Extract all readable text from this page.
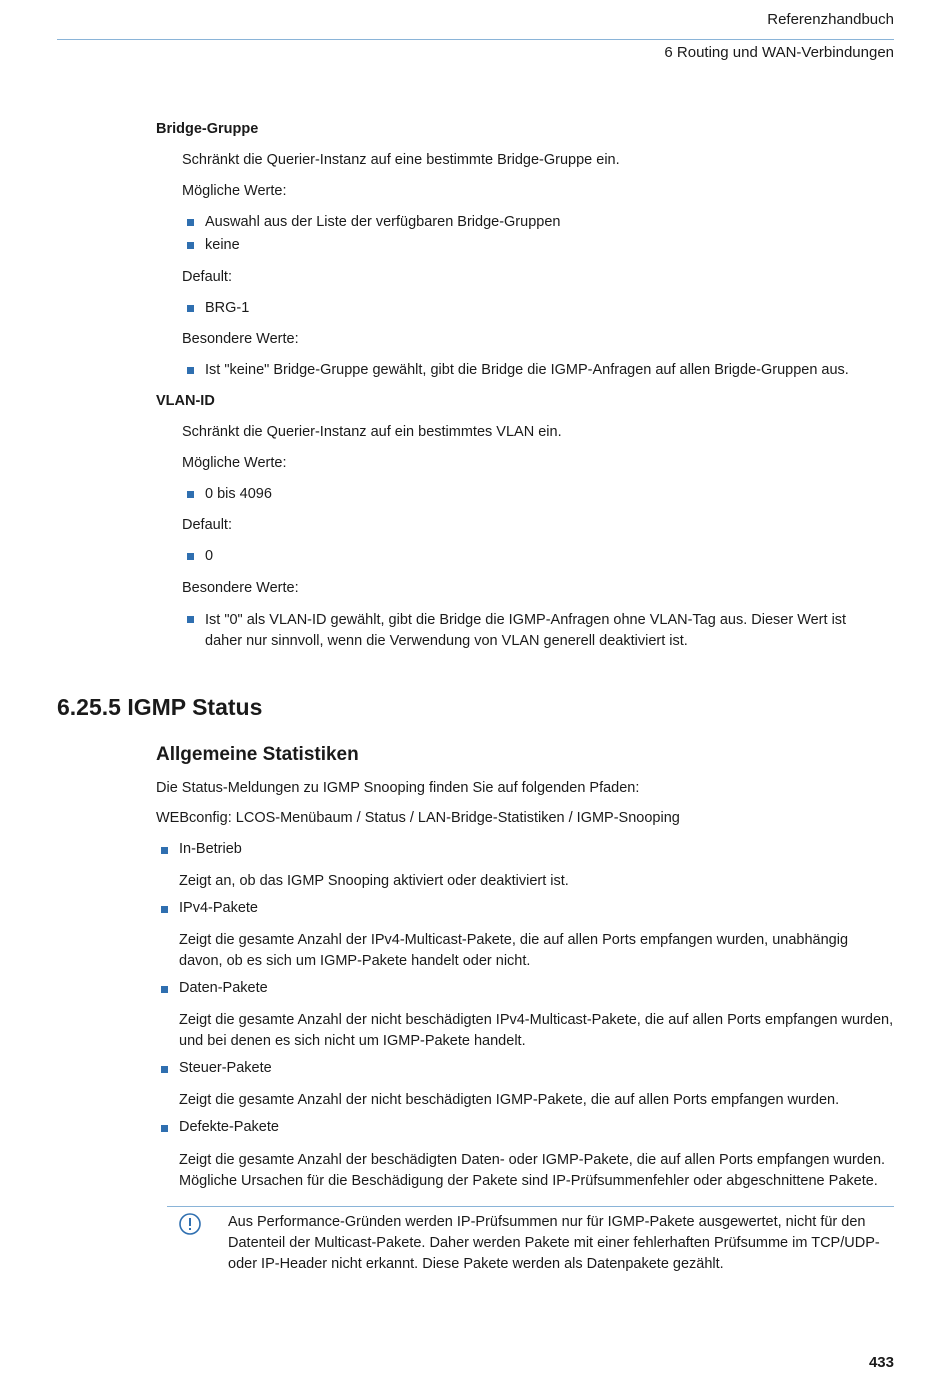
Referenzhandbuch
6 Routing und WAN-Verbindungen
Bridge-Gruppe
Schränkt die Querier-Instanz auf eine bestimmte Bridge-Gruppe ein.
Mögliche Werte:
Auswahl aus der Liste der verfügbaren Bridge-Gruppen
keine
Default:
BRG-1
Besondere Werte:
Ist "keine" Bridge-Gruppe gewählt, gibt die Bridge die IGMP-Anfragen auf allen Brigde-Gruppen aus.
VLAN-ID
Schränkt die Querier-Instanz auf ein bestimmtes VLAN ein.
Mögliche Werte:
0 bis 4096
Default:
0
Besondere Werte:
Ist "0" als VLAN-ID gewählt, gibt die Bridge die IGMP-Anfragen ohne VLAN-Tag aus. Dieser Wert ist daher nur sinnvoll, wenn die Verwendung von VLAN generell deaktiviert ist.
6.25.5 IGMP Status
Allgemeine Statistiken
Die Status-Meldungen zu IGMP Snooping finden Sie auf folgenden Pfaden:
WEBconfig: LCOS-Menübaum / Status / LAN-Bridge-Statistiken / IGMP-Snooping
In-Betrieb
Zeigt an, ob das IGMP Snooping aktiviert oder deaktiviert ist.
IPv4-Pakete
Zeigt die gesamte Anzahl der IPv4-Multicast-Pakete, die auf allen Ports empfangen wurden, unabhängig davon, ob es sich um IGMP-Pakete handelt oder nicht.
Daten-Pakete
Zeigt die gesamte Anzahl der nicht beschädigten IPv4-Multicast-Pakete, die auf allen Ports empfangen wurden, und bei denen es sich nicht um IGMP-Pakete handelt.
Steuer-Pakete
Zeigt die gesamte Anzahl der nicht beschädigten IGMP-Pakete, die auf allen Ports empfangen wurden.
Defekte-Pakete
Zeigt die gesamte Anzahl der beschädigten Daten- oder IGMP-Pakete, die auf allen Ports empfangen wurden. Mögliche Ursachen für die Beschädigung der Pakete sind IP-Prüfsummenfehler oder abgeschnittene Pakete.
Aus Performance-Gründen werden IP-Prüfsummen nur für IGMP-Pakete ausgewertet, nicht für den Datenteil der Multicast-Pakete. Daher werden Pakete mit einer fehlerhaften Prüfsumme im TCP/UDP- oder IP-Header nicht erkannt. Diese Pakete werden als Datenpakete gezählt.
433
